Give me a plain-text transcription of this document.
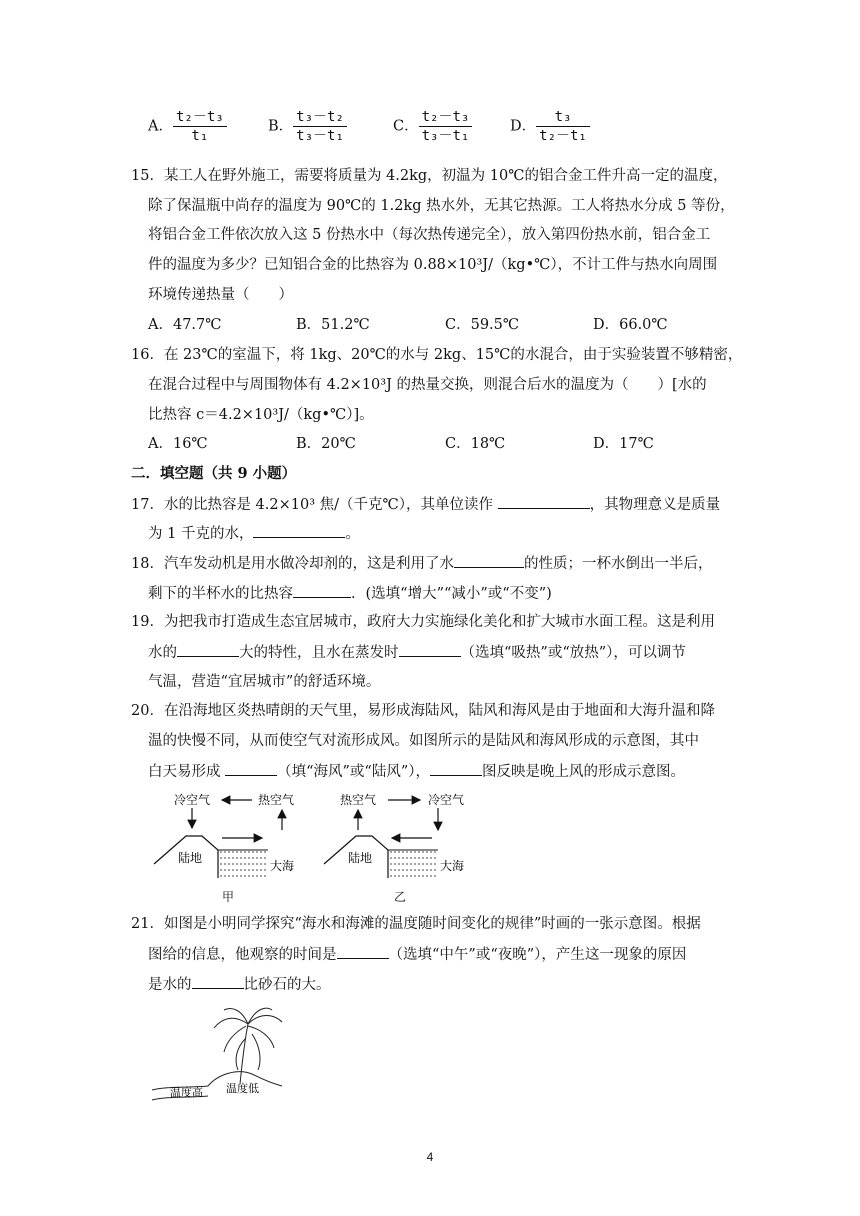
A． $\frac{\text{t₂－t₃}}{\text{t₁}}$	B． $\frac{\text{t₃－t₂}}{\text{t₃－t₁}}$	C． $\frac{\text{t₂－t₃}}{\text{t₃－t₁}}$	D． $\frac{\text{t₃}}{\text{t₂－t₁}}$
15．某工人在野外施工，需要将质量为 4.2kg，初温为 10℃的铝合金工件升高一定的温度，
除了保温瓶中尚存的温度为 90℃的 1.2kg 热水外，无其它热源。工人将热水分成 5 等份，
将铝合金工件依次放入这 5 份热水中（每次热传递完全），放入第四份热水前，铝合金工
件的温度为多少？已知铝合金的比热容为 0.88×10³J/（kg•℃），不计工件与热水向周围
环境传递热量（　　）
A．47.7℃	B．51.2℃	C．59.5℃	D．66.0℃
16．在 23℃的室温下，将 1kg、20℃的水与 2kg、15℃的水混合，由于实验装置不够精密，
在混合过程中与周围物体有 4.2×10³J 的热量交换，则混合后水的温度为（　　）[水的
比热容 c＝4.2×10³J/（kg•℃）]。
A．16℃	B．20℃	C．18℃	D．17℃
二．填空题（共 9 小题）
17．水的比热容是 4.2×10³ 焦/（千克℃），其单位读作	，其物理意义是质量
为 1 千克的水，	。
18．汽车发动机是用水做冷却剂的，这是利用了水	的性质；一杯水倒出一半后，
剩下的半杯水的比热容	．(选填“增大”“减小”或“不变”)
19．为把我市打造成生态宜居城市，政府大力实施绿化美化和扩大城市水面工程。这是利用
水的	大的特性，且水在蒸发时	（选填“吸热”或“放热”），可以调节
气温，营造“宜居城市”的舒适环境。
20．在沿海地区炎热晴朗的天气里，易形成海陆风，陆风和海风是由于地面和大海升温和降
温的快慢不同，从而使空气对流形成风。如图所示的是陆风和海风形成的示意图，其中
白天易形成	（填“海风”或“陆风”），	图反映是晚上风的形成示意图。
冷空气	热空气
陆地
大海
甲
热空气	冷空气
陆地
大海
乙
21．如图是小明同学探究“海水和海滩的温度随时间变化的规律”时画的一张示意图。根据
图给的信息，他观察的时间是	（选填“中午”或“夜晚”），产生这一现象的原因
是水的	比砂石的大。
温度高 温度低
4
